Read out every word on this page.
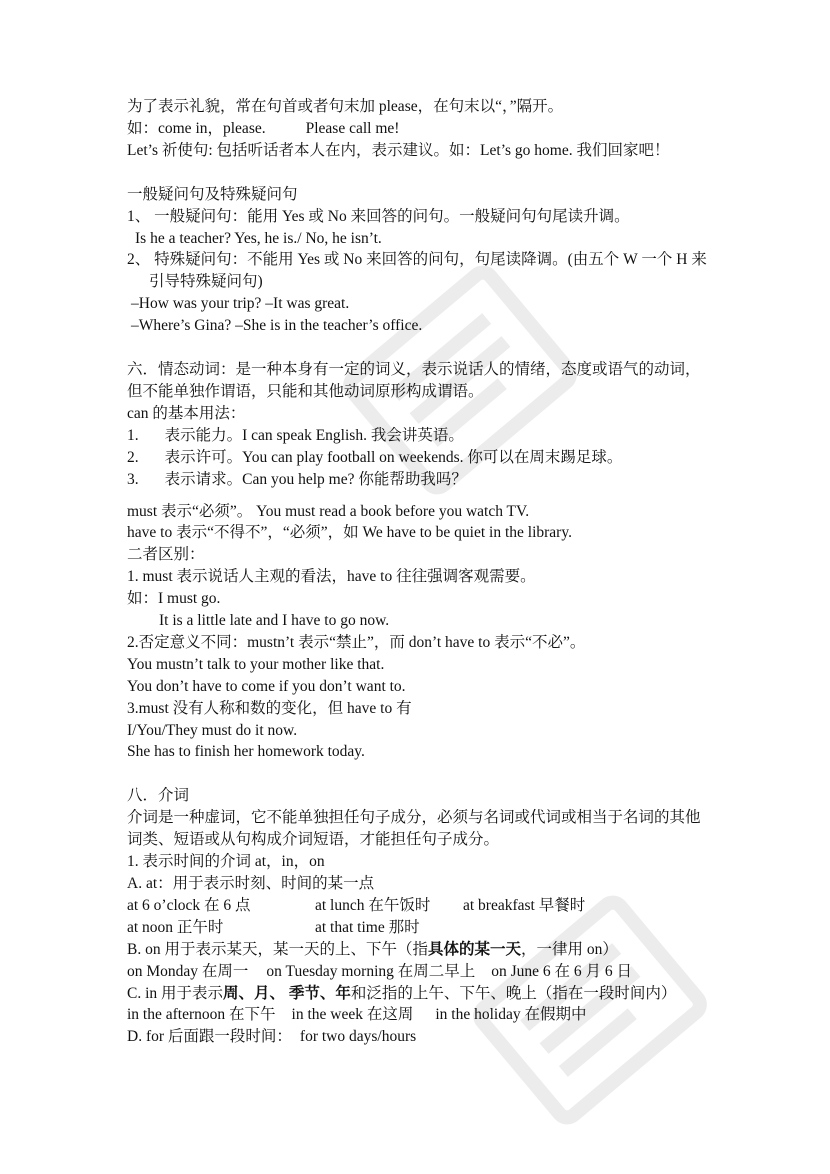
为了表示礼貌，常在句首或者句末加 please，在句末以“，”隔开。
如：come in，please.	Please call me!
Let’s 祈使句: 包括听话者本人在内，表示建议。如：Let’s go home. 我们回家吧！
一般疑问句及特殊疑问句
1、 一般疑问句：能用 Yes 或 No 来回答的问句。一般疑问句句尾读升调。
Is he a teacher? Yes, he is./ No, he isn’t.
2、 特殊疑问句：不能用 Yes 或 No 来回答的问句，句尾读降调。(由五个 W 一个 H 来引导特殊疑问句)
–How was your trip? –It was great.
–Where’s Gina? –She is in the teacher’s office.
六．情态动词：是一种本身有一定的词义，表示说话人的情绪，态度或语气的动词，但不能单独作谓语，只能和其他动词原形构成谓语。
can 的基本用法：
1. 表示能力。I can speak English. 我会讲英语。
2. 表示许可。You can play football on weekends. 你可以在周末踢足球。
3. 表示请求。Can you help me? 你能帮助我吗？
must 表示“必须”。 You must read a book before you watch TV.
have to 表示“不得不”，“必须”，如 We have to be quiet in the library.
二者区别：
1. must 表示说话人主观的看法，have to 往往强调客观需要。
如：I must go.
It is a little late and I have to go now.
2.否定意义不同：mustn’t 表示“禁止”，而 don’t have to 表示“不必”。
You mustn’t talk to your mother like that.
You don’t have to come if you don’t want to.
3.must 没有人称和数的变化，但 have to 有
I/You/They must do it now.
She has to finish her homework today.
八．介词
介词是一种虚词，它不能单独担任句子成分，必须与名词或代词或相当于名词的其他词类、短语或从句构成介词短语，才能担任句子成分。
1. 表示时间的介词 at，in，on
A. at：用于表示时刻、时间的某一点
at 6 o’clock 在 6 点	at lunch 在午饭时 at breakfast 早餐时
at noon 正午时	at that time 那时
B. on 用于表示某天，某一天的上、下午（指具体的某一天，一律用 on）
on Monday 在周一 on Tuesday morning 在周二早上 on June 6 在 6 月 6 日
C. in 用于表示周、月、 季节、年和泛指的上午、下午、晚上（指在一段时间内）
in the afternoon 在下午 in the week 在这周 in the holiday 在假期中
D. for 后面跟一段时间： for two days/hours
